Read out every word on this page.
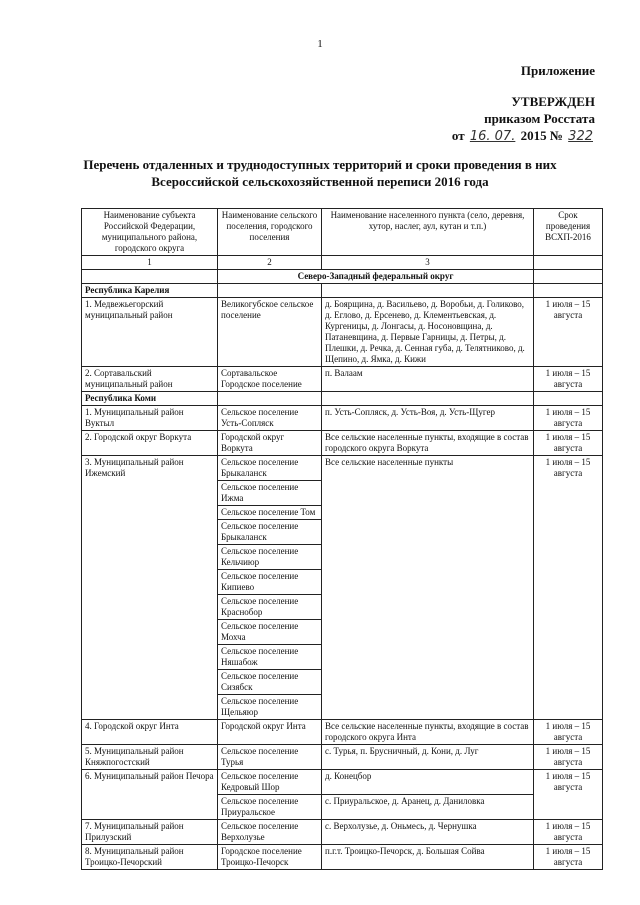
1
Приложение
УТВЕРЖДЕН
приказом Росстата
от 16. 07. 2015 № 322
Перечень отдаленных и труднодоступных территорий и сроки проведения в них
Всероссийской сельскохозяйственной переписи 2016 года
Наименование субъекта Российской Федерации, муниципального района, городского округа	Наименование сельского поселения, городского поселения	Наименование населенного пункта (село, деревня, хутор, наслег, аул, кутан и т.п.)	Срок проведения ВСХП-2016
1	2	3	
	Северо-Западный федеральный округ		
Республика Карелия			
1. Медвежьегорский муниципальный район	Великогубское сельское поселение	д. Боярщина, д. Васильево, д. Воробьи, д. Голиково, д. Еглово, д. Ерсенево, д. Клементьевская, д. Кургеницы, д. Лонгасы, д. Носоновщина, д. Патаневщина, д. Первые Гарницы, д. Петры, д. Плешки, д. Речка, д. Сенная губа, д. Телятниково, д. Щепино, д. Ямка, д. Кижи	1 июля – 15 августа
2. Сортавальский муниципальный район	Сортавальское Городское поселение	п. Валаам	1 июля – 15 августа
Республика Коми			
1. Муниципальный район Вуктыл	Сельское поселение Усть-Сопляск	п. Усть-Сопляск, д. Усть-Воя, д. Усть-Щугер	1 июля – 15 августа
2. Городской округ Воркута	Городской округ Воркута	Все сельские населенные пункты, входящие в состав городского округа Воркута	1 июля – 15 августа
3. Муниципальный район Ижемский	Сельское поселение Брыкаланск	Все сельские населенные пункты	1 июля – 15 августа
	Сельское поселение Ижма		
	Сельское поселение Том		
	Сельское поселение Брыкаланск		
	Сельское поселение Кельчиюр		
	Сельское поселение Кипиево		
	Сельское поселение Краснобор		
	Сельское поселение Мохча		
	Сельское поселение Няшабож		
	Сельское поселение Сизябск		
	Сельское поселение Щельяюр		
4. Городской округ Инта	Городской округ Инта	Все сельские населенные пункты, входящие в состав городского округа Инта	1 июля – 15 августа
5. Муниципальный район Княжпогостский	Сельское поселение Турья	с. Турья, п. Брусничный, д. Кони, д. Луг	1 июля – 15 августа
6. Муниципальный район Печора	Сельское поселение Кедровый Шор	д. Конецбор	1 июля – 15 августа
	Сельское поселение Приуральское	с. Приуральское, д. Аранец, д. Даниловка	
7. Муниципальный район Прилузский	Сельское поселение Верхолузье	с. Верхолузье, д. Оньмесь, д. Чернушка	1 июля – 15 августа
8. Муниципальный район Троицко-Печорский	Городское поселение Троицко-Печорск	п.г.т. Троицко-Печорск, д. Большая Сойва	1 июля – 15 августа
